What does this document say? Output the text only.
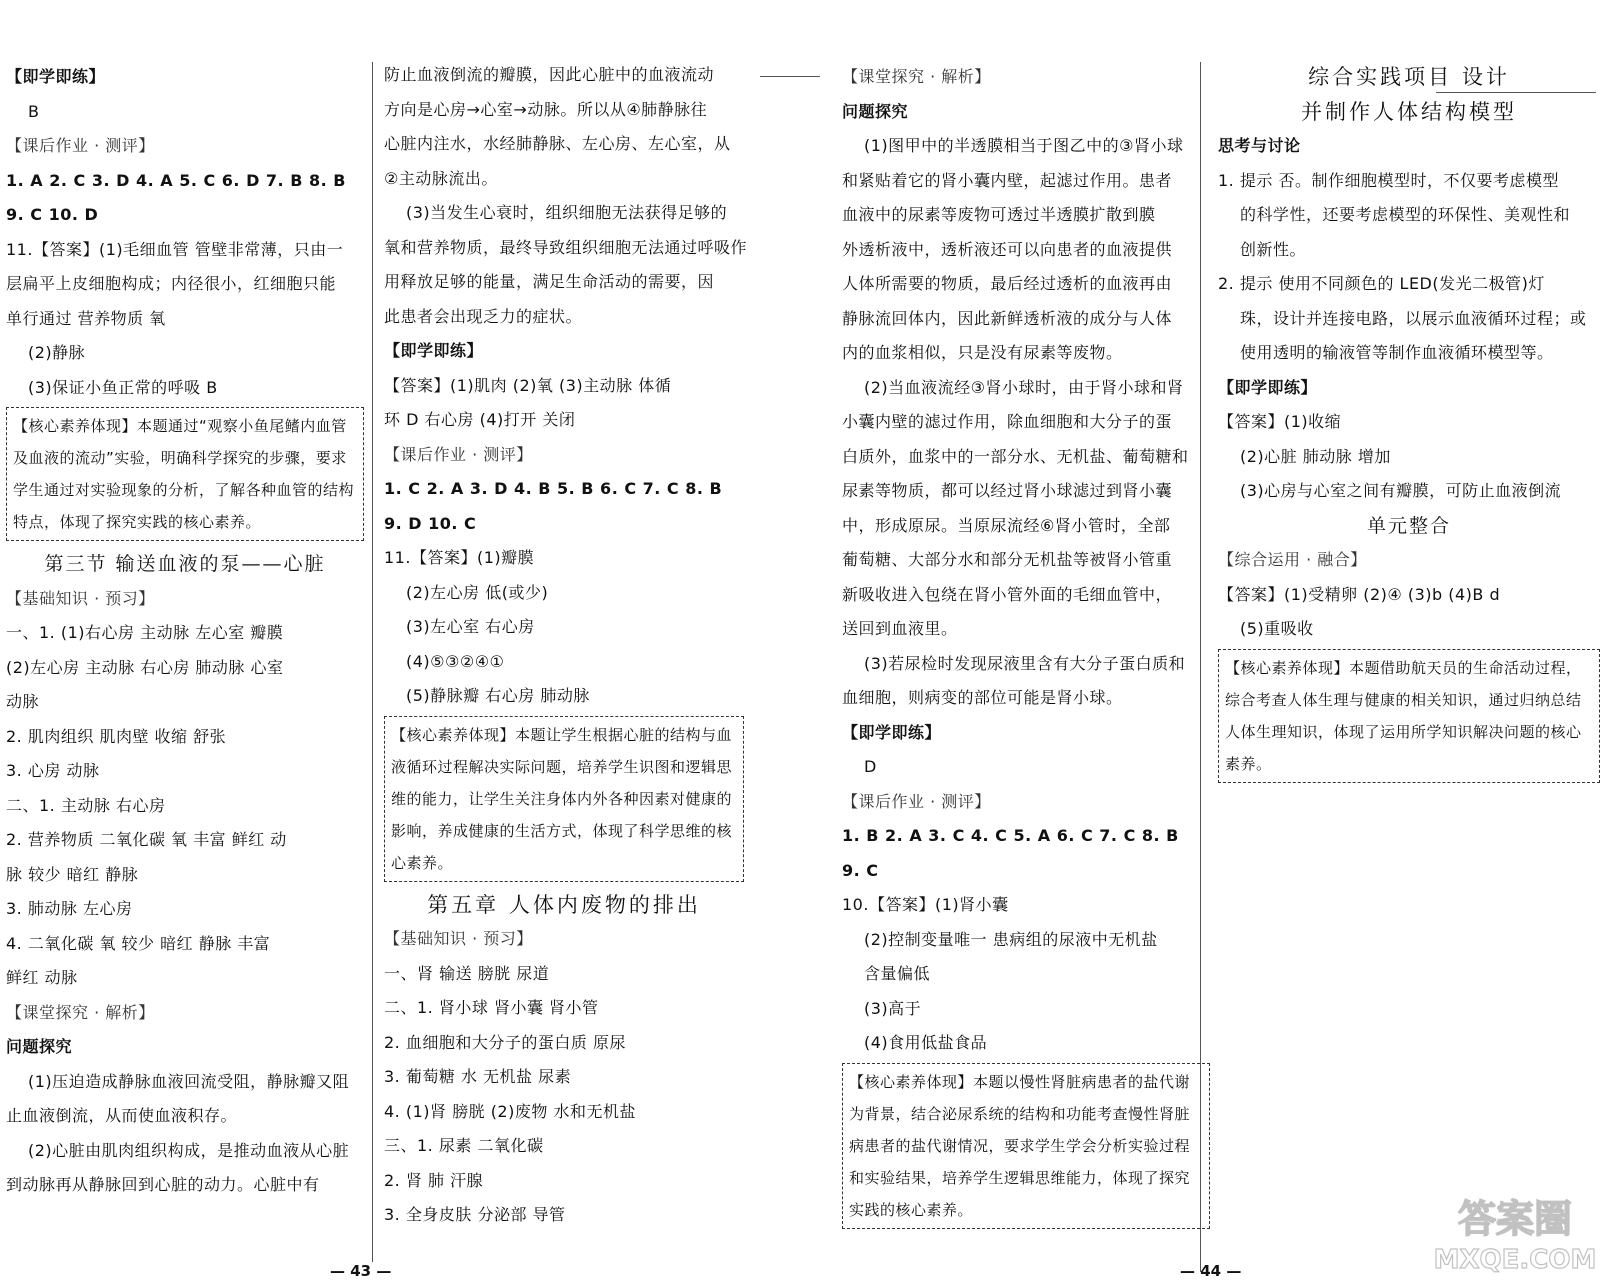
【即学即练】
B
【课后作业 · 测评】
1. A 2. C 3. D 4. A 5. C 6. D 7. B 8. B
9. C 10. D
11.【答案】(1)毛细血管 管壁非常薄，只由一
层扁平上皮细胞构成；内径很小，红细胞只能
单行通过 营养物质 氧
(2)静脉
(3)保证小鱼正常的呼吸 B
【核心素养体现】本题通过“观察小鱼尾鳍内血管及血液的流动”实验，明确科学探究的步骤，要求学生通过对实验现象的分析，了解各种血管的结构特点，体现了探究实践的核心素养。
第三节 输送血液的泵——心脏
【基础知识 · 预习】
一、1. (1)右心房 主动脉 左心室 瓣膜
(2)左心房 主动脉 右心房 肺动脉 心室
动脉
2. 肌肉组织 肌肉壁 收缩 舒张
3. 心房 动脉
二、1. 主动脉 右心房
2. 营养物质 二氧化碳 氧 丰富 鲜红 动
脉 较少 暗红 静脉
3. 肺动脉 左心房
4. 二氧化碳 氧 较少 暗红 静脉 丰富
鲜红 动脉
【课堂探究 · 解析】
问题探究
(1)压迫造成静脉血液回流受阻，静脉瓣又阻
止血液倒流，从而使血液积存。
(2)心脏由肌肉组织构成，是推动血液从心脏
到动脉再从静脉回到心脏的动力。心脏中有
防止血液倒流的瓣膜，因此心脏中的血液流动
方向是心房→心室→动脉。所以从④肺静脉往
心脏内注水，水经肺静脉、左心房、左心室，从
②主动脉流出。
(3)当发生心衰时，组织细胞无法获得足够的
氧和营养物质，最终导致组织细胞无法通过呼吸作
用释放足够的能量，满足生命活动的需要，因
此患者会出现乏力的症状。
【即学即练】
【答案】(1)肌肉 (2)氧 (3)主动脉 体循
环 D 右心房 (4)打开 关闭
【课后作业 · 测评】
1. C 2. A 3. D 4. B 5. B 6. C 7. C 8. B
9. D 10. C
11.【答案】(1)瓣膜
(2)左心房 低(或少)
(3)左心室 右心房
(4)⑤③②④①
(5)静脉瓣 右心房 肺动脉
【核心素养体现】本题让学生根据心脏的结构与血液循环过程解决实际问题，培养学生识图和逻辑思维的能力，让学生关注身体内外各种因素对健康的影响，养成健康的生活方式，体现了科学思维的核心素养。
第五章 人体内废物的排出
【基础知识 · 预习】
一、肾 输送 膀胱 尿道
二、1. 肾小球 肾小囊 肾小管
2. 血细胞和大分子的蛋白质 原尿
3. 葡萄糖 水 无机盐 尿素
4. (1)肾 膀胱 (2)废物 水和无机盐
三、1. 尿素 二氧化碳
2. 肾 肺 汗腺
3. 全身皮肤 分泌部 导管
【课堂探究 · 解析】
问题探究
(1)图甲中的半透膜相当于图乙中的③肾小球
和紧贴着它的肾小囊内壁，起滤过作用。患者
血液中的尿素等废物可透过半透膜扩散到膜
外透析液中，透析液还可以向患者的血液提供
人体所需要的物质，最后经过透析的血液再由
静脉流回体内，因此新鲜透析液的成分与人体
内的血浆相似，只是没有尿素等废物。
(2)当血液流经③肾小球时，由于肾小球和肾
小囊内壁的滤过作用，除血细胞和大分子的蛋
白质外，血浆中的一部分水、无机盐、葡萄糖和
尿素等物质，都可以经过肾小球滤过到肾小囊
中，形成原尿。当原尿流经⑥肾小管时，全部
葡萄糖、大部分水和部分无机盐等被肾小管重
新吸收进入包绕在肾小管外面的毛细血管中，
送回到血液里。
(3)若尿检时发现尿液里含有大分子蛋白质和
血细胞，则病变的部位可能是肾小球。
【即学即练】
D
【课后作业 · 测评】
1. B 2. A 3. C 4. C 5. A 6. C 7. C 8. B
9. C
10.【答案】(1)肾小囊
(2)控制变量唯一 患病组的尿液中无机盐
含量偏低
(3)高于
(4)食用低盐食品
【核心素养体现】本题以慢性肾脏病患者的盐代谢为背景，结合泌尿系统的结构和功能考查慢性肾脏病患者的盐代谢情况，要求学生学会分析实验过程和实验结果，培养学生逻辑思维能力，体现了探究实践的核心素养。
综合实践项目 设计
并制作人体结构模型
思考与讨论
1. 提示 否。制作细胞模型时，不仅要考虑模型
的科学性，还要考虑模型的环保性、美观性和
创新性。
2. 提示 使用不同颜色的 LED(发光二极管)灯
珠，设计并连接电路，以展示血液循环过程；或
使用透明的输液管等制作血液循环模型等。
【即学即练】
【答案】(1)收缩
(2)心脏 肺动脉 增加
(3)心房与心室之间有瓣膜，可防止血液倒流
单元整合
【综合运用 · 融合】
【答案】(1)受精卵 (2)④ (3)b (4)B d
(5)重吸收
【核心素养体现】本题借助航天员的生命活动过程，综合考查人体生理与健康的相关知识，通过归纳总结人体生理知识，体现了运用所学知识解决问题的核心素养。
— 43 —	— 44 —
答案圈
MXQE.COM
